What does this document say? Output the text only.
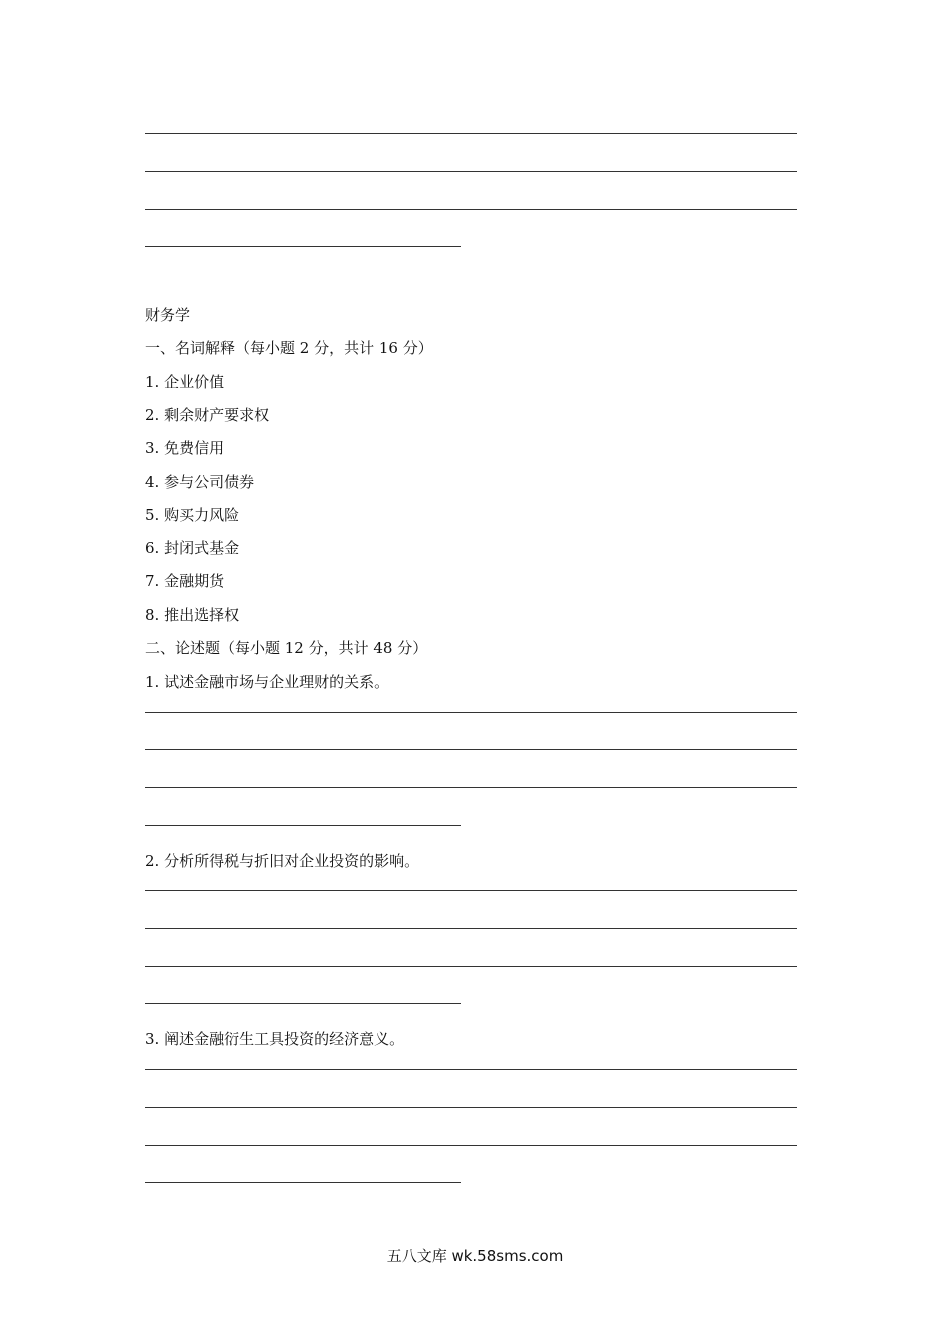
财务学
一、名词解释（每小题 2 分，共计 16 分）
1. 企业价值
2. 剩余财产要求权
3. 免费信用
4. 参与公司债券
5. 购买力风险
6. 封闭式基金
7. 金融期货
8. 推出选择权
二、论述题（每小题 12 分，共计 48 分）
1. 试述金融市场与企业理财的关系。
2. 分析所得税与折旧对企业投资的影响。
3. 阐述金融衍生工具投资的经济意义。
五八文库 wk.58sms.com
